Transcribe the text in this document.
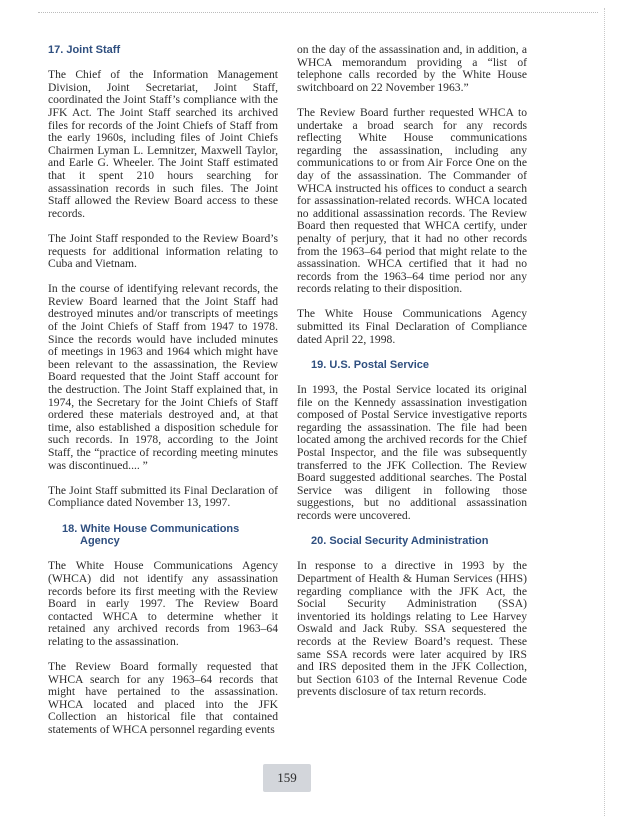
17. Joint Staff

The Chief of the Information Management Division, Joint Secretariat, Joint Staff, coordinated the Joint Staff’s compliance with the JFK Act. The Joint Staff searched its archived files for records of the Joint Chiefs of Staff from the early 1960s, including files of Joint Chiefs Chairmen Lyman L. Lemnitzer, Maxwell Taylor, and Earle G. Wheeler. The Joint Staff estimated that it spent 210 hours searching for assassination records in such files. The Joint Staff allowed the Review Board access to these records.

The Joint Staff responded to the Review Board’s requests for additional information relating to Cuba and Vietnam.

In the course of identifying relevant records, the Review Board learned that the Joint Staff had destroyed minutes and/or transcripts of meetings of the Joint Chiefs of Staff from 1947 to 1978. Since the records would have included minutes of meetings in 1963 and 1964 which might have been relevant to the assassination, the Review Board requested that the Joint Staff account for the destruction. The Joint Staff explained that, in 1974, the Secretary for the Joint Chiefs of Staff ordered these materials destroyed and, at that time, also established a disposition schedule for such records. In 1978, according to the Joint Staff, the “practice of recording meeting minutes was discontinued.... ”

The Joint Staff submitted its Final Declaration of Compliance dated November 13, 1997.

18. White House Communications
Agency

The White House Communications Agency (WHCA) did not identify any assassination records before its first meeting with the Review Board in early 1997. The Review Board contacted WHCA to determine whether it retained any archived records from 1963–64 relating to the assassination.

The Review Board formally requested that WHCA search for any 1963–64 records that might have pertained to the assassination. WHCA located and placed into the JFK Collection an historical file that contained statements of WHCA personnel regarding events

on the day of the assassination and, in addition, a WHCA memorandum providing a “list of telephone calls recorded by the White House switchboard on 22 November 1963.”

The Review Board further requested WHCA to undertake a broad search for any records reflecting White House communications regarding the assassination, including any communications to or from Air Force One on the day of the assassination. The Commander of WHCA instructed his offices to conduct a search for assassination-related records. WHCA located no additional assassination records. The Review Board then requested that WHCA certify, under penalty of perjury, that it had no other records from the 1963–64 period that might relate to the assassination. WHCA certified that it had no records from the 1963–64 time period nor any records relating to their disposition.

The White House Communications Agency submitted its Final Declaration of Compliance dated April 22, 1998.

19. U.S. Postal Service

In 1993, the Postal Service located its original file on the Kennedy assassination investigation composed of Postal Service investigative reports regarding the assassination. The file had been located among the archived records for the Chief Postal Inspector, and the file was subsequently transferred to the JFK Collection. The Review Board suggested additional searches. The Postal Service was diligent in following those suggestions, but no additional assassination records were uncovered.

20. Social Security Administration

In response to a directive in 1993 by the Department of Health & Human Services (HHS) regarding compliance with the JFK Act, the Social Security Administration (SSA) inventoried its holdings relating to Lee Harvey Oswald and Jack Ruby. SSA sequestered the records at the Review Board’s request. These same SSA records were later acquired by IRS and IRS deposited them in the JFK Collection, but Section 6103 of the Internal Revenue Code prevents disclosure of tax return records.

159
